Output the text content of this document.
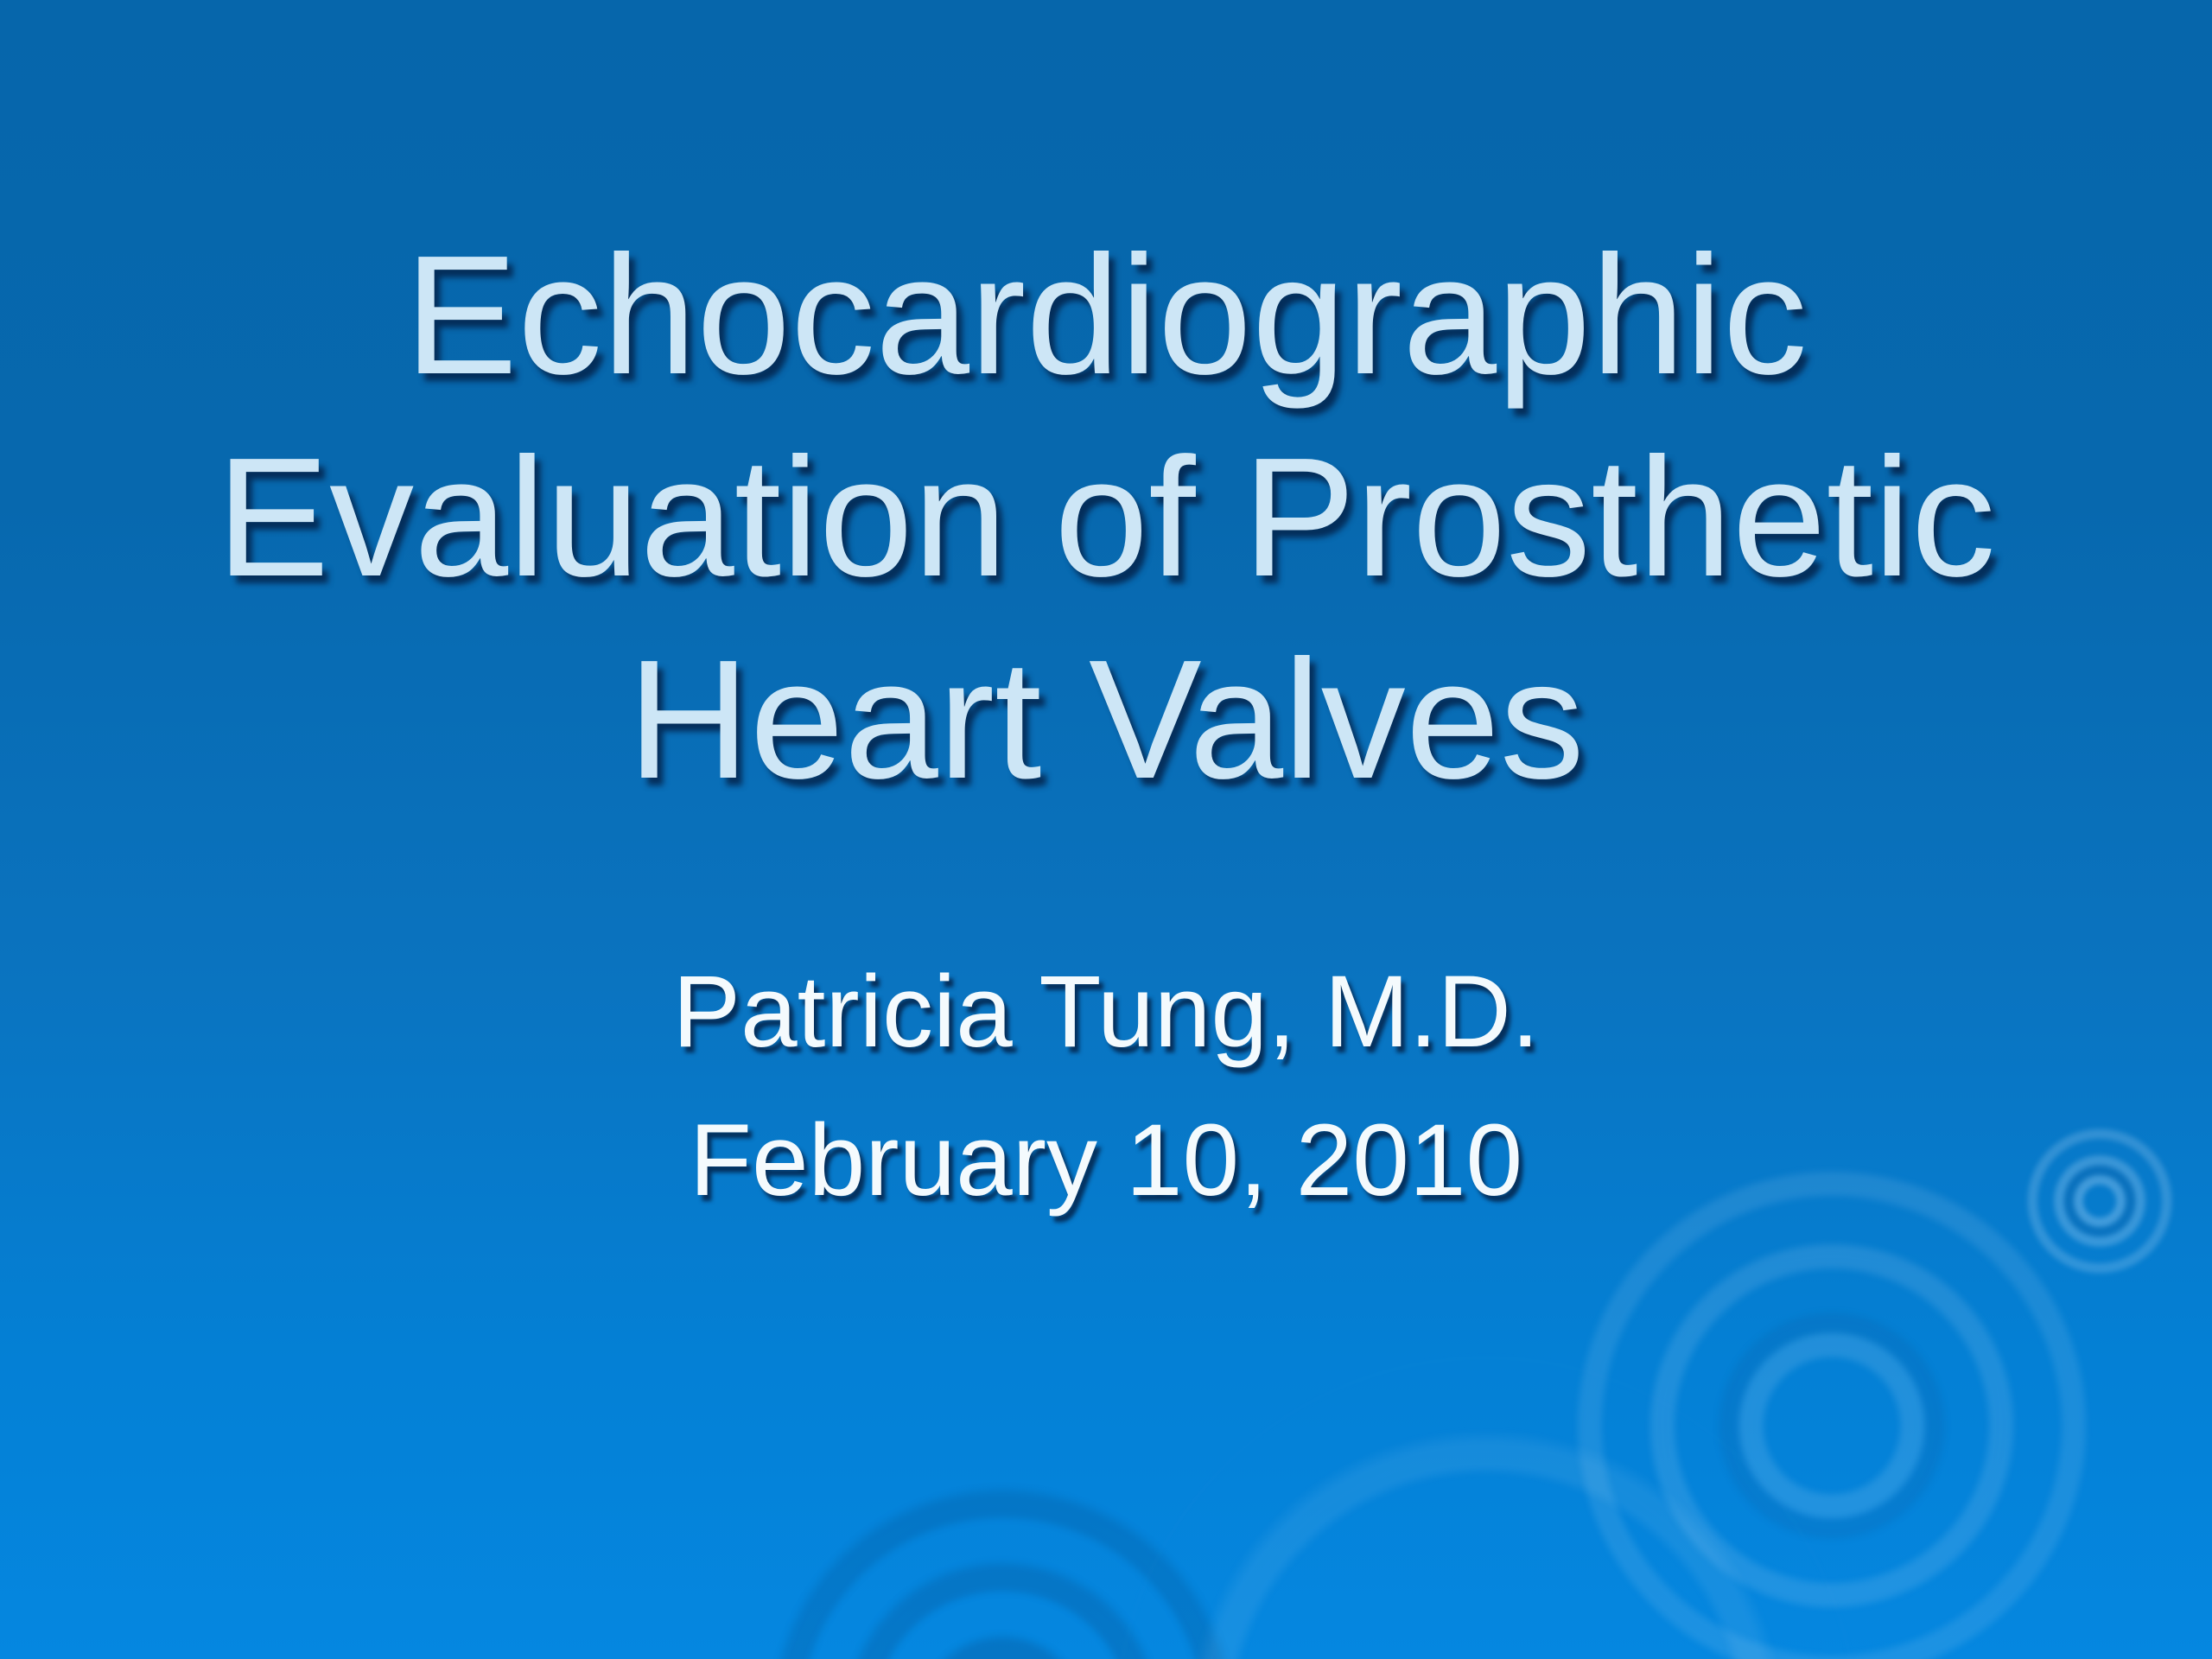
Echocardiographic
Evaluation of Prosthetic
Heart Valves
Patricia Tung, M.D.
February 10, 2010
